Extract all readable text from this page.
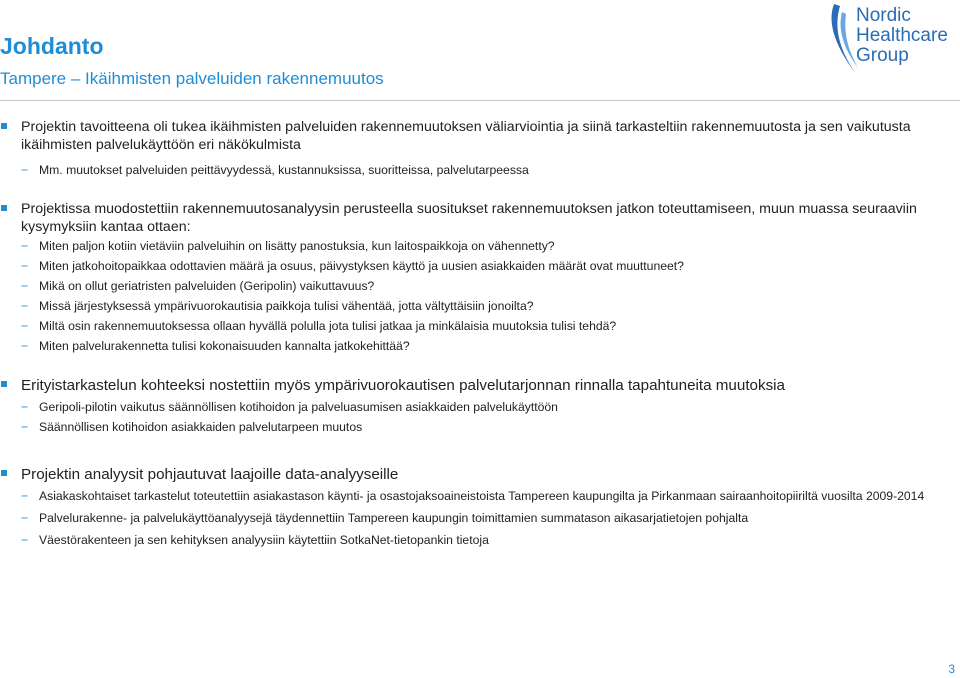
Johdanto
Tampere – Ikäihmisten palveluiden rakennemuutos
Nordic
Healthcare
Group
Projektin tavoitteena oli tukea ikäihmisten palveluiden rakennemuutoksen väliarviointia ja siinä tarkasteltiin rakennemuutosta ja sen vaikutusta ikäihmisten palvelukäyttöön eri näkökulmista
− Mm. muutokset palveluiden peittävyydessä, kustannuksissa, suoritteissa, palvelutarpeessa
Projektissa muodostettiin rakennemuutosanalyysin perusteella suositukset rakennemuutoksen jatkon toteuttamiseen, muun muassa seuraaviin kysymyksiin kantaa ottaen:
− Miten paljon kotiin vietäviin palveluihin on lisätty panostuksia, kun laitospaikkoja on vähennetty?
− Miten jatkohoitopaikkaa odottavien määrä ja osuus, päivystyksen käyttö ja uusien asiakkaiden määrät ovat muuttuneet?
− Mikä on ollut geriatristen palveluiden (Geripolin) vaikuttavuus?
− Missä järjestyksessä ympärivuorokautisia paikkoja tulisi vähentää, jotta vältyttäisiin jonoilta?
− Miltä osin rakennemuutoksessa ollaan hyvällä polulla jota tulisi jatkaa ja minkälaisia muutoksia tulisi tehdä?
− Miten palvelurakennetta tulisi kokonaisuuden kannalta jatkokehittää?
Erityistarkastelun kohteeksi nostettiin myös ympärivuorokautisen palvelutarjonnan rinnalla tapahtuneita muutoksia
− Geripoli-pilotin vaikutus säännöllisen kotihoidon ja palveluasumisen asiakkaiden palvelukäyttöön
− Säännöllisen kotihoidon asiakkaiden palvelutarpeen muutos
Projektin analyysit pohjautuvat laajoille data-analyyseille
− Asiakaskohtaiset tarkastelut toteutettiin asiakastason käynti- ja osastojaksoaineistoista Tampereen kaupungilta ja Pirkanmaan sairaanhoitopiiriltä vuosilta 2009-2014
− Palvelurakenne- ja palvelukäyttöanalyysejä täydennettiin Tampereen kaupungin toimittamien summatason aikasarjatietojen pohjalta
− Väestörakenteen ja sen kehityksen analyysiin käytettiin SotkaNet-tietopankin tietoja
3
